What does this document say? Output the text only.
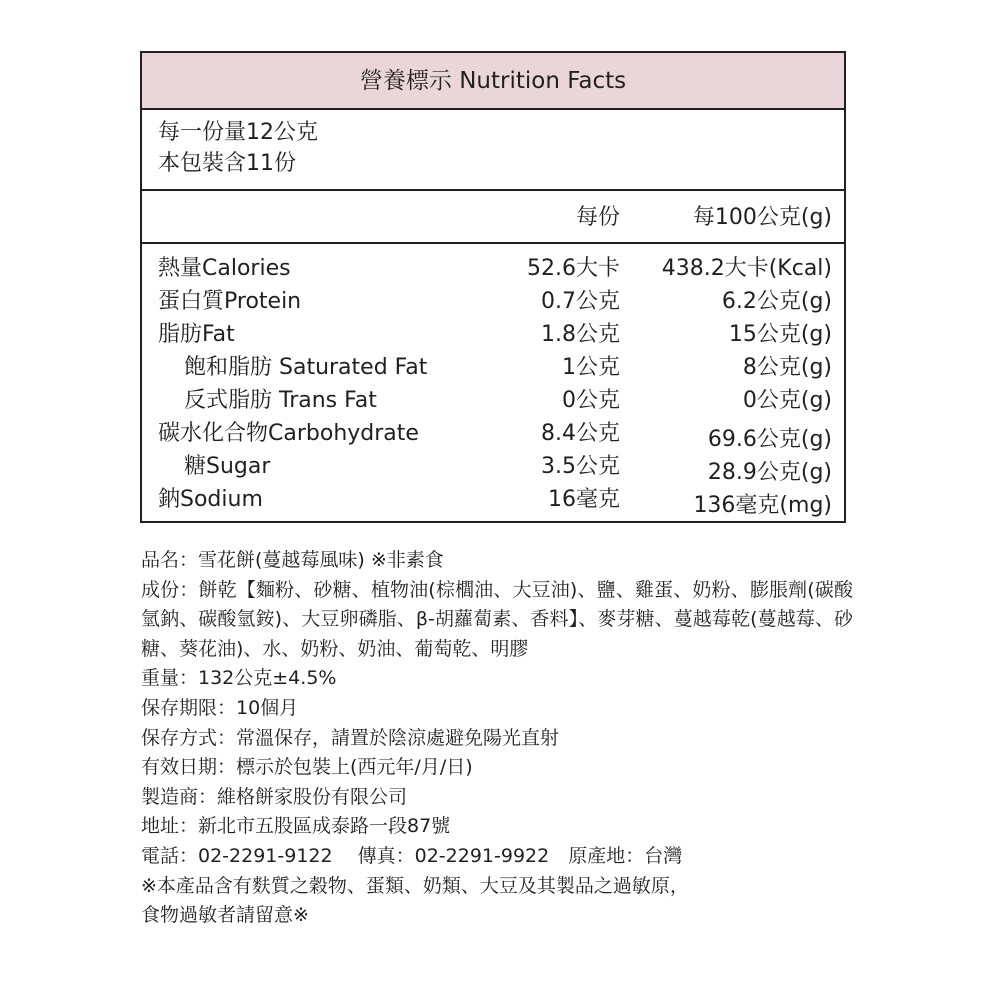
營養標示 Nutrition Facts
每一份量12公克
本包裝含11份
每份	每100公克(g)
熱量Calories	52.6大卡 438.2大卡(Kcal)
蛋白質Protein	0.7公克	6.2公克(g)
脂肪Fat	1.8公克	15公克(g)
飽和脂肪 Saturated Fat	1公克	8公克(g)
反式脂肪 Trans Fat	0公克	0公克(g)
碳水化合物Carbohydrate	8.4公克	69.6公克(g)
糖Sugar	3.5公克	28.9公克(g)
鈉Sodium	16毫克	136毫克(mg)

品名：雪花餅(蔓越莓風味) ※非素食

成份：餅乾【麵粉、砂糖、植物油(棕櫚油、大豆油)、鹽、雞蛋、奶粉、膨脹劑(碳酸氫鈉、碳酸氫銨)、大豆卵磷脂、β-胡蘿蔔素、香料】、麥芽糖、蔓越莓乾(蔓越莓、砂糖、葵花油)、水、奶粉、奶油、葡萄乾、明膠

重量：132公克±4.5%

保存期限：10個月

保存方式：常溫保存，請置於陰涼處避免陽光直射

有效日期：標示於包裝上(西元年/月/日)

製造商：維格餅家股份有限公司

地址：新北市五股區成泰路一段87號

電話：02-2291-9122　 傳真：02-2291-9922　原產地：台灣

※本產品含有麩質之穀物、蛋類、奶類、大豆及其製品之過敏原，

食物過敏者請留意※
